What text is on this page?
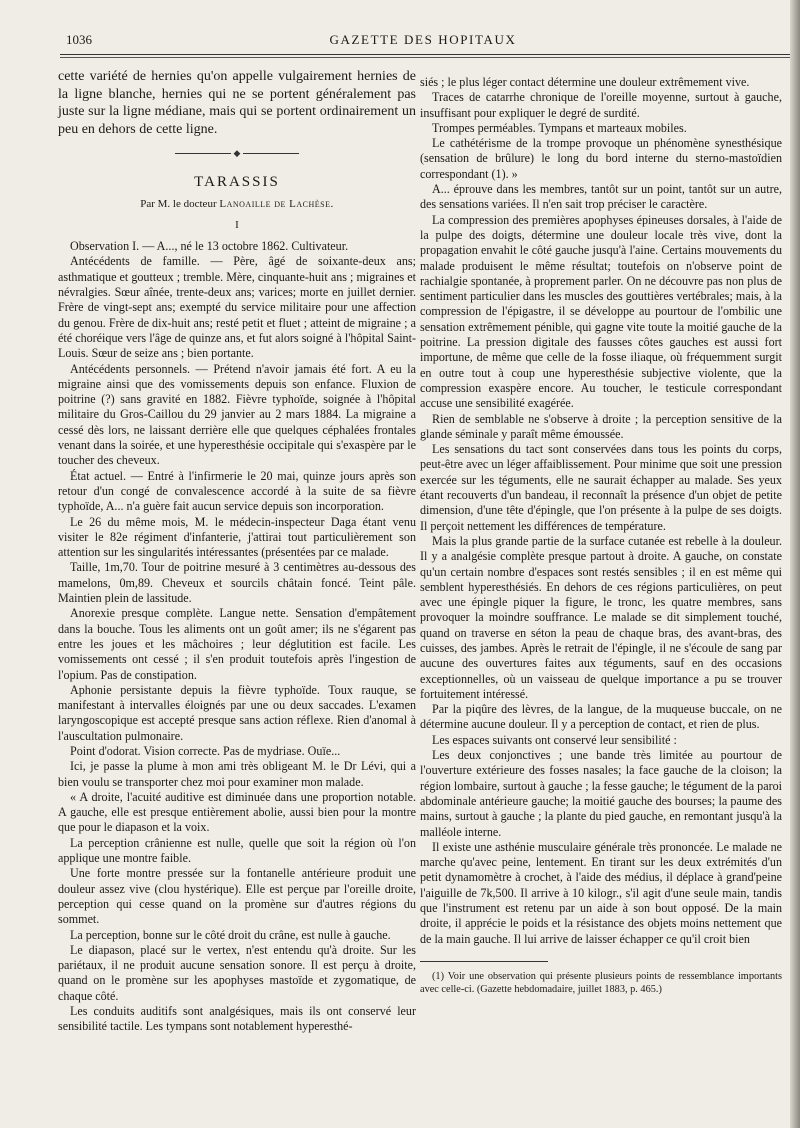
1036	GAZETTE DES HOPITAUX

cette variété de hernies qu'on appelle vulgairement hernies de la ligne blanche, hernies qui ne se portent généralement pas juste sur la ligne médiane, mais qui se portent ordinairement un peu en dehors de cette ligne.

◆
TARASSIS
Par M. le docteur Lanoaille de Lachèse.
I

Observation I. — A..., né le 13 octobre 1862. Cultivateur.

Antécédents de famille. — Père, âgé de soixante-deux ans; asthmatique et goutteux ; tremble. Mère, cinquante-huit ans ; migraines et névralgies. Sœur aînée, trente-deux ans; varices; morte en juillet dernier. Frère de vingt-sept ans; exempté du service militaire pour une affection du genou. Frère de dix-huit ans; resté petit et fluet ; atteint de migraine ; a été choréique vers l'âge de quinze ans, et fut alors soigné à l'hôpital Saint-Louis. Sœur de seize ans ; bien portante.

Antécédents personnels. — Prétend n'avoir jamais été fort. A eu la migraine ainsi que des vomissements depuis son enfance. Fluxion de poitrine (?) sans gravité en 1882. Fièvre typhoïde, soignée à l'hôpital militaire du Gros-Caillou du 29 janvier au 2 mars 1884. La migraine a cessé dès lors, ne laissant derrière elle que quelques céphalées frontales venant dans la soirée, et une hyperesthésie occipitale qui s'exaspère par le toucher des cheveux.

État actuel. — Entré à l'infirmerie le 20 mai, quinze jours après son retour d'un congé de convalescence accordé à la suite de sa fièvre typhoïde, A... n'a guère fait aucun service depuis son incorporation.

Le 26 du même mois, M. le médecin-inspecteur Daga étant venu visiter le 82e régiment d'infanterie, j'attirai tout particulièrement son attention sur les singularités intéressantes (présentées par ce malade.

Taille, 1m,70. Tour de poitrine mesuré à 3 centimètres au-dessous des mamelons, 0m,89. Cheveux et sourcils châtain foncé. Teint pâle. Maintien plein de lassitude.

Anorexie presque complète. Langue nette. Sensation d'empâtement dans la bouche. Tous les aliments ont un goût amer; ils ne s'égarent pas entre les joues et les mâchoires ; leur déglutition est facile. Les vomissements ont cessé ; il s'en produit toutefois après l'ingestion de l'opium. Pas de constipation.

Aphonie persistante depuis la fièvre typhoïde. Toux rauque, se manifestant à intervalles éloignés par une ou deux saccades. L'examen laryngoscopique est accepté presque sans action réflexe. Rien d'anomal à l'auscultation pulmonaire.

Point d'odorat. Vision correcte. Pas de mydriase. Ouïe...

Ici, je passe la plume à mon ami très obligeant M. le Dr Lévi, qui a bien voulu se transporter chez moi pour examiner mon malade.

« A droite, l'acuité auditive est diminuée dans une proportion notable. A gauche, elle est presque entièrement abolie, aussi bien pour la montre que pour le diapason et la voix.

La perception crânienne est nulle, quelle que soit la région où l'on applique une montre faible.

Une forte montre pressée sur la fontanelle antérieure produit une douleur assez vive (clou hystérique). Elle est perçue par l'oreille droite, perception qui cesse quand on la promène sur d'autres régions du sommet.

La perception, bonne sur le côté droit du crâne, est nulle à gauche.

Le diapason, placé sur le vertex, n'est entendu qu'à droite. Sur les pariétaux, il ne produit aucune sensation sonore. Il est perçu à droite, quand on le promène sur les apophyses mastoïde et zygomatique, de chaque côté.

Les conduits auditifs sont analgésiques, mais ils ont conservé leur sensibilité tactile. Les tympans sont notablement hyperesthé-

siés ; le plus léger contact détermine une douleur extrêmement vive.

Traces de catarrhe chronique de l'oreille moyenne, surtout à gauche, insuffisant pour expliquer le degré de surdité.

Trompes perméables. Tympans et marteaux mobiles.

Le cathétérisme de la trompe provoque un phénomène synesthésique (sensation de brûlure) le long du bord interne du sterno-mastoïdien correspondant (1). »

A... éprouve dans les membres, tantôt sur un point, tantôt sur un autre, des sensations variées. Il n'en sait trop préciser le caractère.

La compression des premières apophyses épineuses dorsales, à l'aide de la pulpe des doigts, détermine une douleur locale très vive, dont la propagation envahit le côté gauche jusqu'à l'aine. Certains mouvements du malade produisent le même résultat; toutefois on n'observe point de rachialgie spontanée, à proprement parler. On ne découvre pas non plus de sentiment particulier dans les muscles des gouttières vertébrales; mais, à la compression de l'épigastre, il se développe au pourtour de l'ombilic une sensation extrêmement pénible, qui gagne vite toute la moitié gauche de la poitrine. La pression digitale des fausses côtes gauches est aussi fort importune, de même que celle de la fosse iliaque, où fréquemment surgit en outre tout à coup une hyperesthésie subjective violente, que la compression exaspère encore. Au toucher, le testicule correspondant accuse une sensibilité exagérée.

Rien de semblable ne s'observe à droite ; la perception sensitive de la glande séminale y paraît même émoussée.

Les sensations du tact sont conservées dans tous les points du corps, peut-être avec un léger affaiblissement. Pour minime que soit une pression exercée sur les téguments, elle ne saurait échapper au malade. Ses yeux étant recouverts d'un bandeau, il reconnaît la présence d'un objet de petite dimension, d'une tête d'épingle, que l'on présente à la pulpe de ses doigts. Il perçoit nettement les différences de température.

Mais la plus grande partie de la surface cutanée est rebelle à la douleur. Il y a analgésie complète presque partout à droite. A gauche, on constate qu'un certain nombre d'espaces sont restés sensibles ; il en est même qui semblent hyperesthésiés. En dehors de ces régions particulières, on peut avec une épingle piquer la figure, le tronc, les quatre membres, sans provoquer la moindre souffrance. Le malade se dit simplement touché, quand on traverse en séton la peau de chaque bras, des avant-bras, des cuisses, des jambes. Après le retrait de l'épingle, il ne s'écoule de sang par aucune des ouvertures faites aux téguments, sauf en des occasions exceptionnelles, où un vaisseau de quelque importance a pu se trouver fortuitement intéressé.

Par la piqûre des lèvres, de la langue, de la muqueuse buccale, on ne détermine aucune douleur. Il y a perception de contact, et rien de plus.

Les espaces suivants ont conservé leur sensibilité :

Les deux conjonctives ; une bande très limitée au pourtour de l'ouverture extérieure des fosses nasales; la face gauche de la cloison; la région lombaire, surtout à gauche ; la fesse gauche; le tégument de la paroi abdominale antérieure gauche; la moitié gauche des bourses; la paume des mains, surtout à gauche ; la plante du pied gauche, en remontant jusqu'à la malléole interne.

Il existe une asthénie musculaire générale très prononcée. Le malade ne marche qu'avec peine, lentement. En tirant sur les deux extrémités d'un petit dynamomètre à crochet, à l'aide des médius, il déplace à grand'peine l'aiguille de 7k,500. Il arrive à 10 kilogr., s'il agit d'une seule main, tandis que l'instrument est retenu par un aide à son bout opposé. De la main droite, il apprécie le poids et la résistance des objets moins nettement que de la main gauche. Il lui arrive de laisser échapper ce qu'il croit bien

(1) Voir une observation qui présente plusieurs points de ressemblance importants avec celle-ci. (Gazette hebdomadaire, juillet 1883, p. 465.)
